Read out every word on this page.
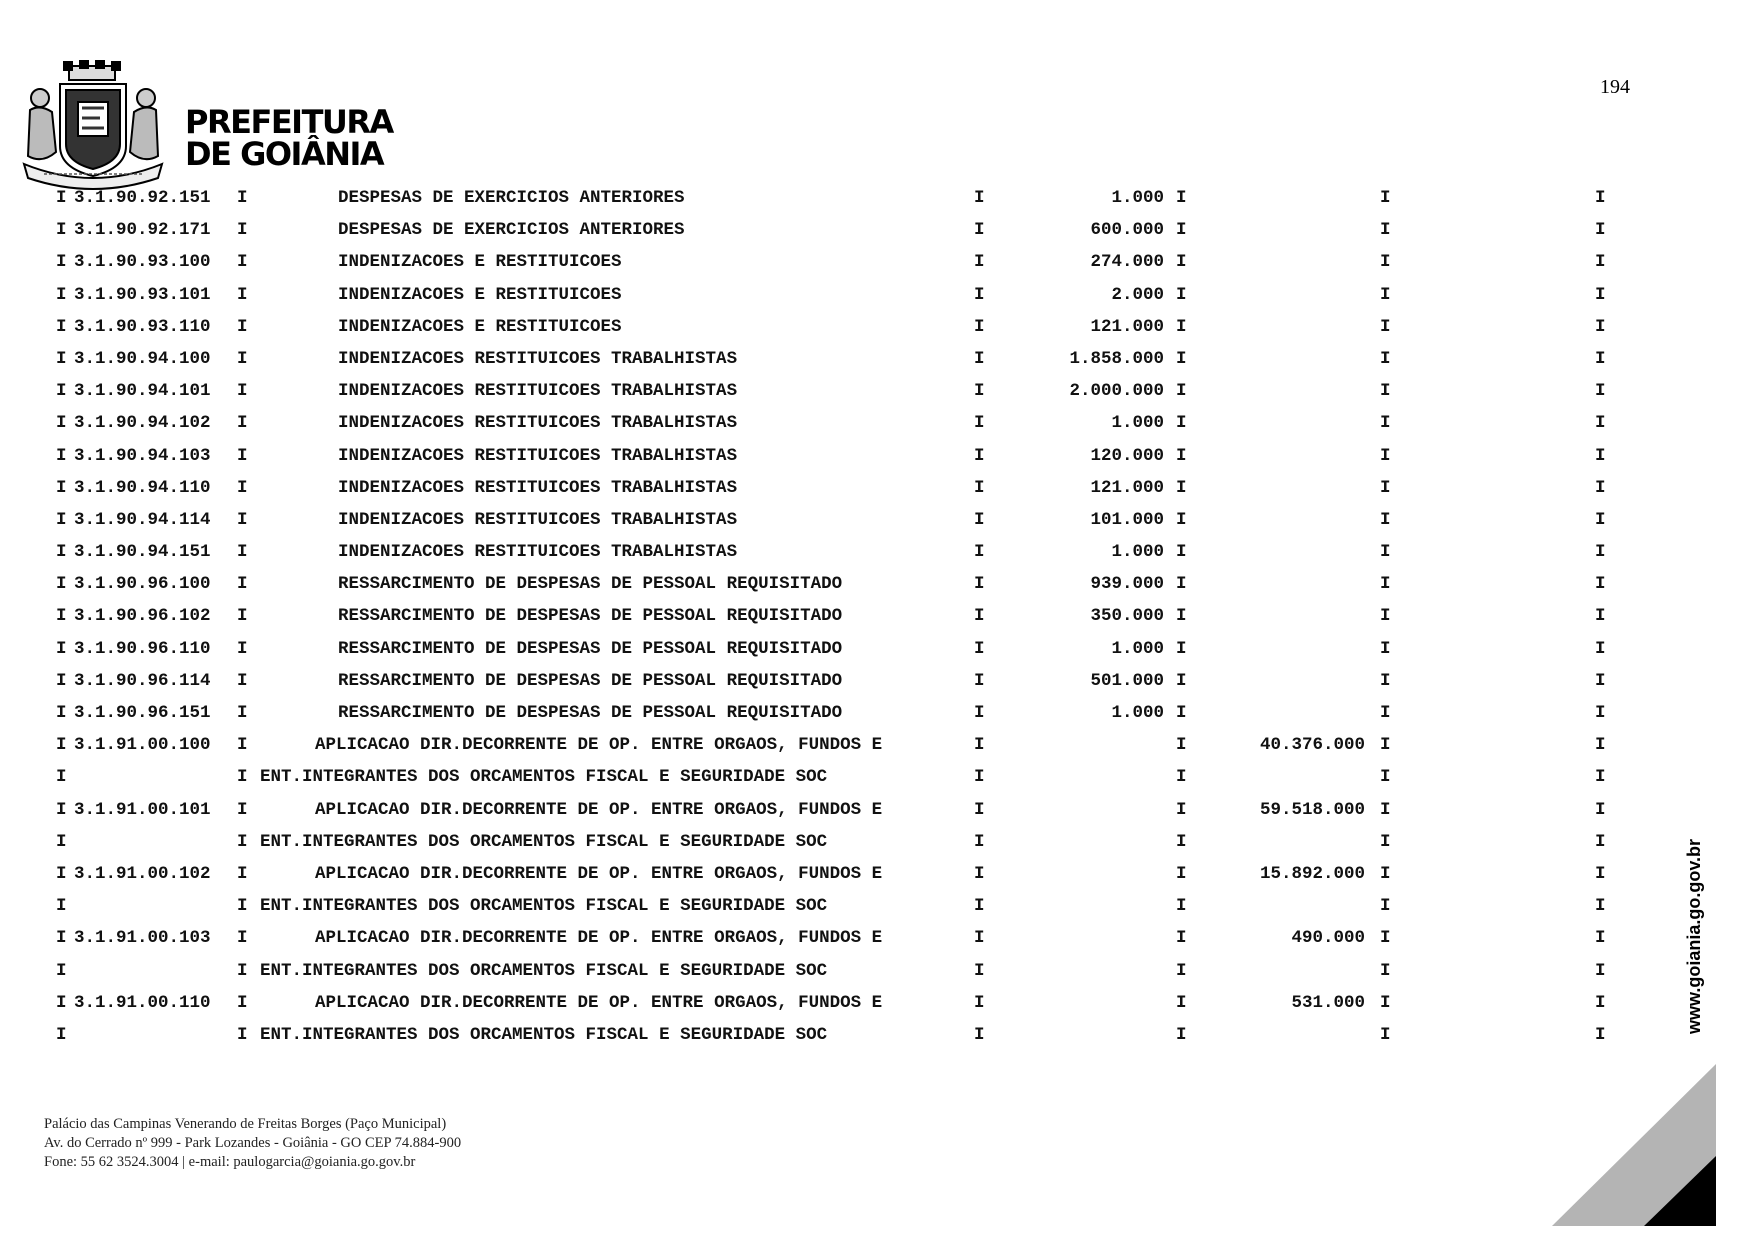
194
PREFEITURA
DE GOIÂNIA
I 3.1.90.92.151 I	DESPESAS DE EXERCICIOS ANTERIORES	I	1.000 I	I	I
I 3.1.90.92.171 I	DESPESAS DE EXERCICIOS ANTERIORES	I	600.000 I	I	I
I 3.1.90.93.100 I	INDENIZACOES E RESTITUICOES	I	274.000 I	I	I
I 3.1.90.93.101 I	INDENIZACOES E RESTITUICOES	I	2.000 I	I	I
I 3.1.90.93.110 I	INDENIZACOES E RESTITUICOES	I	121.000 I	I	I
I 3.1.90.94.100 I	INDENIZACOES RESTITUICOES TRABALHISTAS	I	1.858.000 I	I	I
I 3.1.90.94.101 I	INDENIZACOES RESTITUICOES TRABALHISTAS	I	2.000.000 I	I	I
I 3.1.90.94.102 I	INDENIZACOES RESTITUICOES TRABALHISTAS	I	1.000 I	I	I
I 3.1.90.94.103 I	INDENIZACOES RESTITUICOES TRABALHISTAS	I	120.000 I	I	I
I 3.1.90.94.110 I	INDENIZACOES RESTITUICOES TRABALHISTAS	I	121.000 I	I	I
I 3.1.90.94.114 I	INDENIZACOES RESTITUICOES TRABALHISTAS	I	101.000 I	I	I
I 3.1.90.94.151 I	INDENIZACOES RESTITUICOES TRABALHISTAS	I	1.000 I	I	I
I 3.1.90.96.100 I	RESSARCIMENTO DE DESPESAS DE PESSOAL REQUISITADO	I	939.000 I	I	I
I 3.1.90.96.102 I	RESSARCIMENTO DE DESPESAS DE PESSOAL REQUISITADO	I	350.000 I	I	I
I 3.1.90.96.110 I	RESSARCIMENTO DE DESPESAS DE PESSOAL REQUISITADO	I	1.000 I	I	I
I 3.1.90.96.114 I	RESSARCIMENTO DE DESPESAS DE PESSOAL REQUISITADO	I	501.000 I	I	I
I 3.1.90.96.151 I	RESSARCIMENTO DE DESPESAS DE PESSOAL REQUISITADO	I	1.000 I	I	I
I 3.1.91.00.100 I	APLICACAO DIR.DECORRENTE DE OP. ENTRE ORGAOS, FUNDOS E	I	I	40.376.000 I	I
I	I ENT.INTEGRANTES DOS ORCAMENTOS FISCAL E SEGURIDADE SOC	I	I	I	I
I 3.1.91.00.101 I	APLICACAO DIR.DECORRENTE DE OP. ENTRE ORGAOS, FUNDOS E	I	I	59.518.000 I	I
I	I ENT.INTEGRANTES DOS ORCAMENTOS FISCAL E SEGURIDADE SOC	I	I	I	I
I 3.1.91.00.102 I	APLICACAO DIR.DECORRENTE DE OP. ENTRE ORGAOS, FUNDOS E	I	I	15.892.000 I	I
I	I ENT.INTEGRANTES DOS ORCAMENTOS FISCAL E SEGURIDADE SOC	I	I	I	I
I 3.1.91.00.103 I	APLICACAO DIR.DECORRENTE DE OP. ENTRE ORGAOS, FUNDOS E	I	I	490.000 I	I
I	I ENT.INTEGRANTES DOS ORCAMENTOS FISCAL E SEGURIDADE SOC	I	I	I	I
I 3.1.91.00.110 I	APLICACAO DIR.DECORRENTE DE OP. ENTRE ORGAOS, FUNDOS E	I	I	531.000 I	I
I	I ENT.INTEGRANTES DOS ORCAMENTOS FISCAL E SEGURIDADE SOC	I	I	I	I
www.goiania.go.gov.br
Palácio das Campinas Venerando de Freitas Borges (Paço Municipal)
Av. do Cerrado nº 999 - Park Lozandes - Goiânia - GO CEP 74.884-900
Fone: 55 62 3524.3004 | e-mail: paulogarcia@goiania.go.gov.br
